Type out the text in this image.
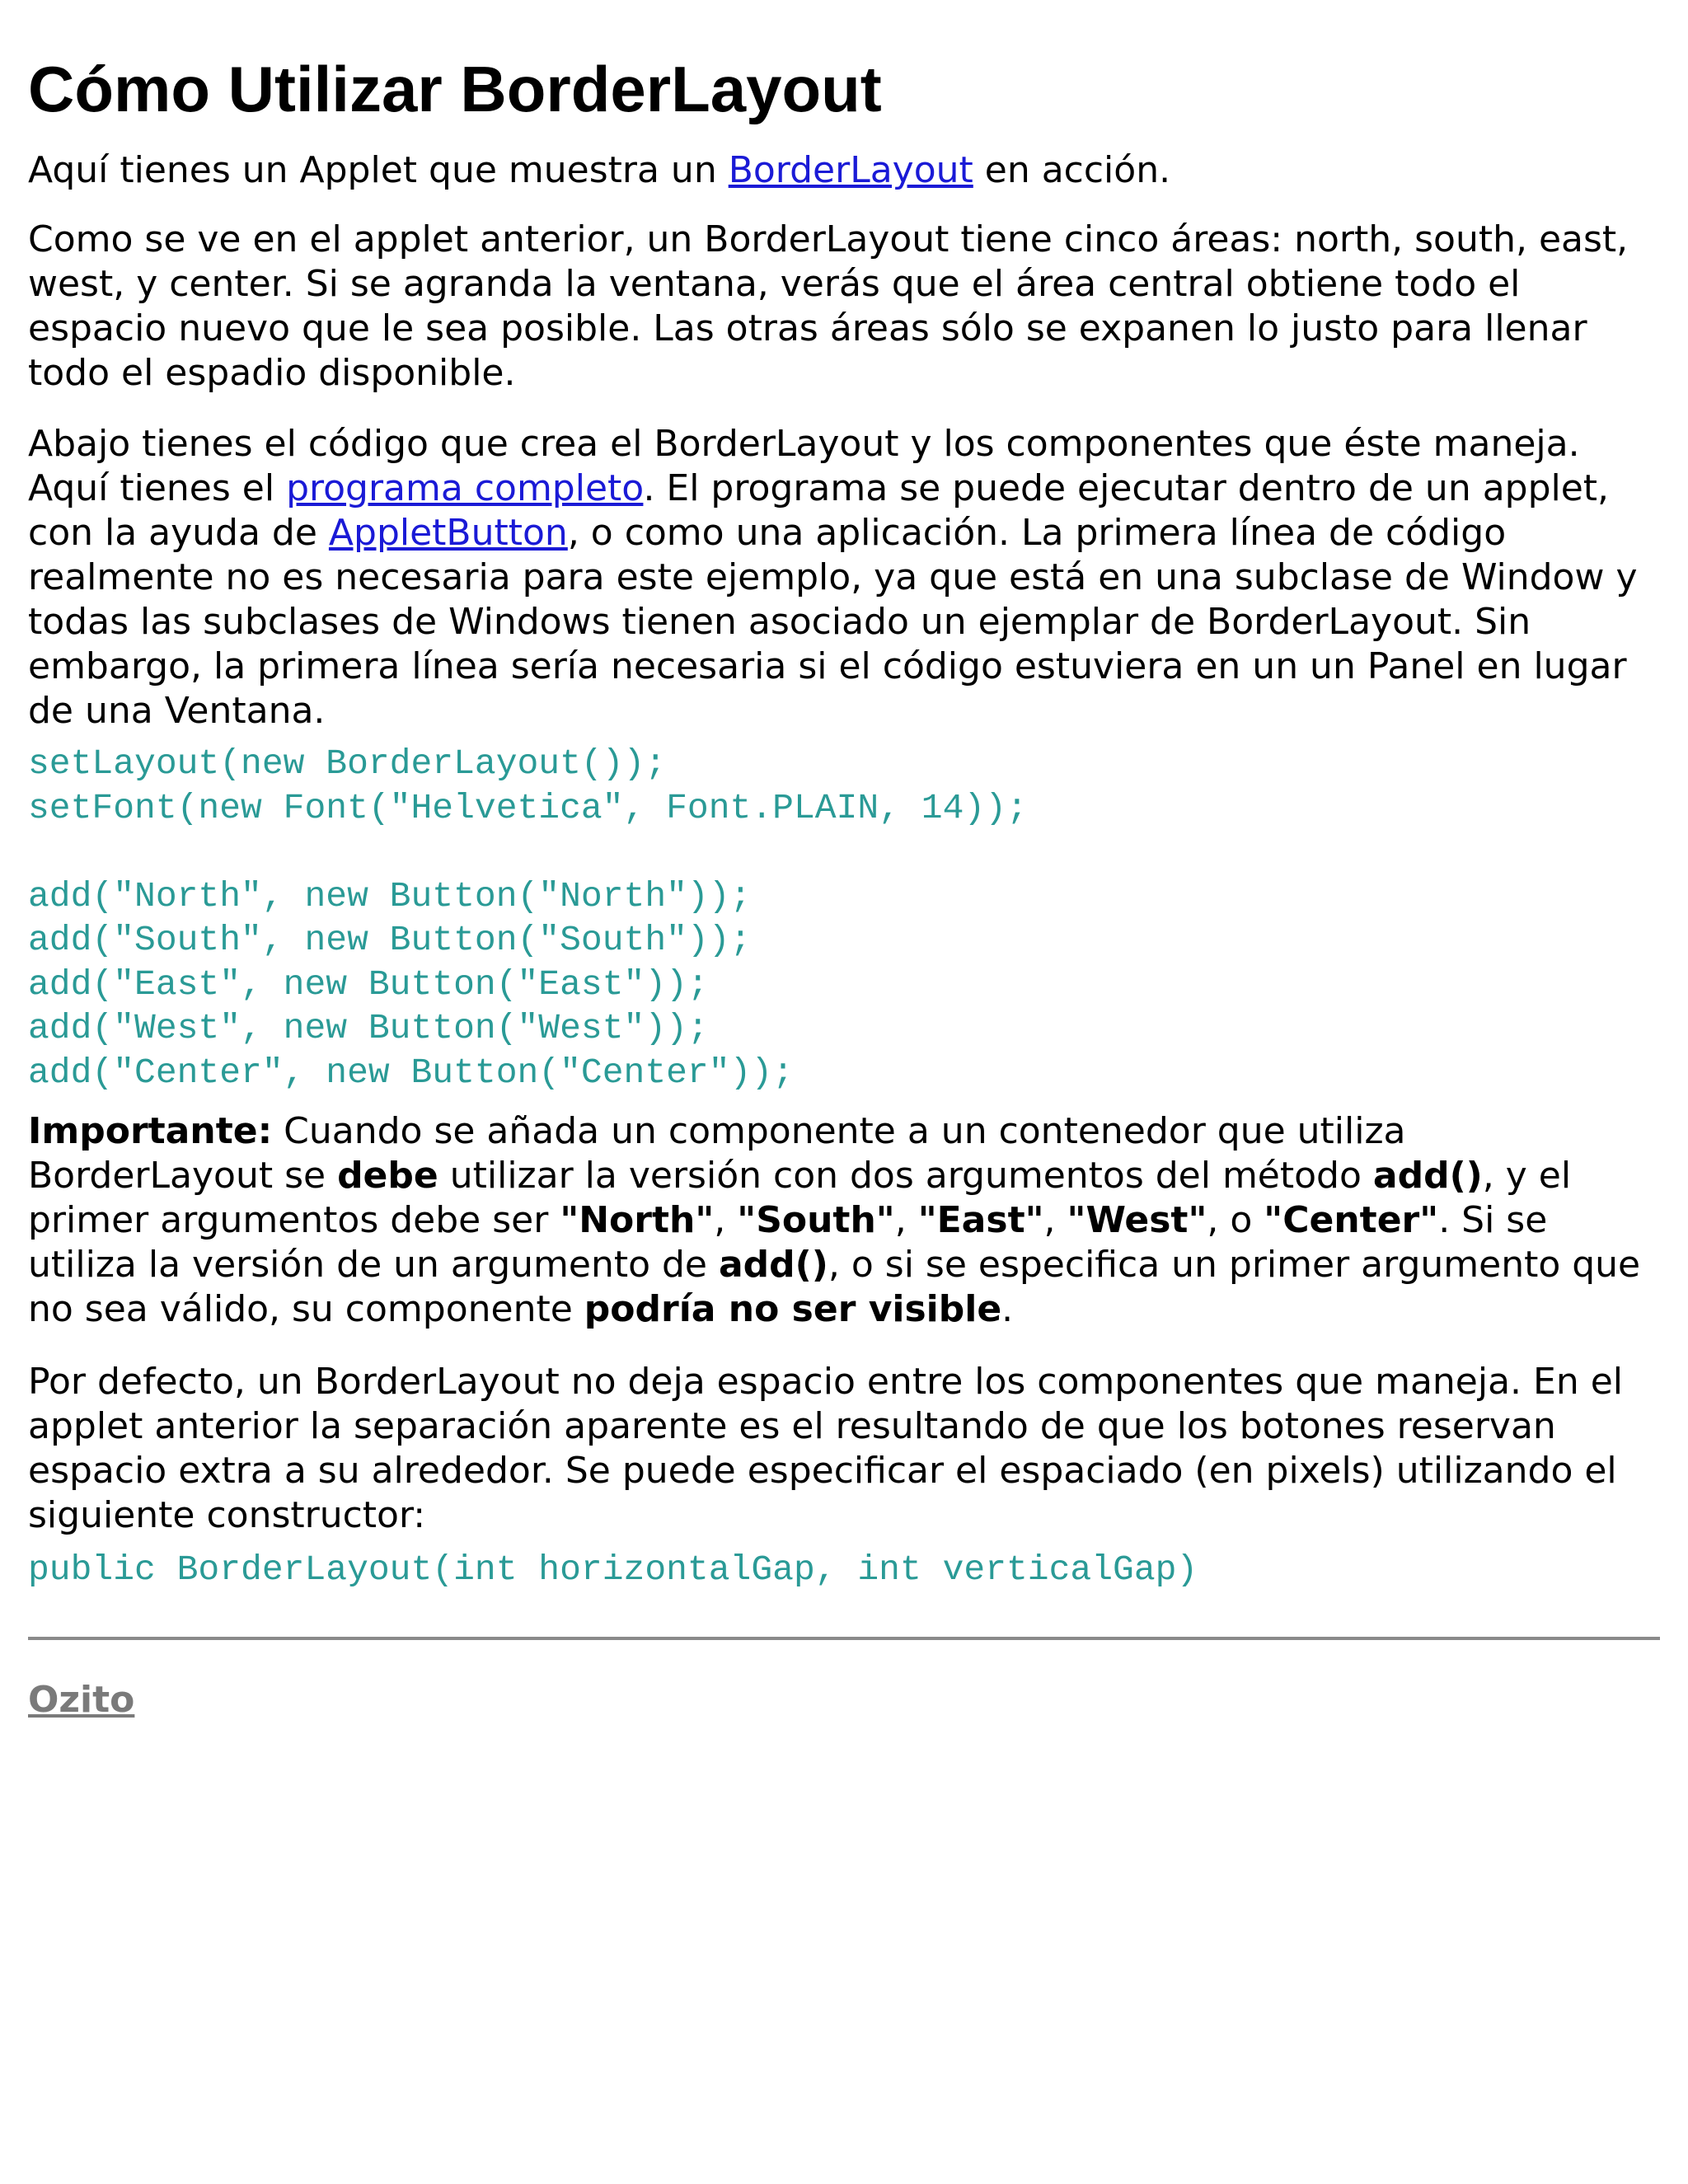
Cómo Utilizar BorderLayout

Aquí tienes un Applet que muestra un BorderLayout en acción.

Como se ve en el applet anterior, un BorderLayout tiene cinco áreas: north, south, east, west, y center. Si se agranda la ventana, verás que el área central obtiene todo el espacio nuevo que le sea posible. Las otras áreas sólo se expanen lo justo para llenar todo el espadio disponible.

Abajo tienes el código que crea el BorderLayout y los componentes que éste maneja. Aquí tienes el programa completo. El programa se puede ejecutar dentro de un applet, con la ayuda de AppletButton, o como una aplicación. La primera línea de código realmente no es necesaria para este ejemplo, ya que está en una subclase de Window y todas las subclases de Windows tienen asociado un ejemplar de BorderLayout. Sin embargo, la primera línea sería necesaria si el código estuviera en un un Panel en lugar de una Ventana.

setLayout(new BorderLayout());
setFont(new Font("Helvetica", Font.PLAIN, 14));

add("North", new Button("North"));
add("South", new Button("South"));
add("East", new Button("East"));
add("West", new Button("West"));
add("Center", new Button("Center"));

Importante: Cuando se añada un componente a un contenedor que utiliza BorderLayout se debe utilizar la versión con dos argumentos del método add(), y el primer argumentos debe ser "North", "South", "East", "West", o "Center". Si se utiliza la versión de un argumento de add(), o si se especifica un primer argumento que no sea válido, su componente podría no ser visible.

Por defecto, un BorderLayout no deja espacio entre los componentes que maneja. En el applet anterior la separación aparente es el resultando de que los botones reservan espacio extra a su alrededor. Se puede especificar el espaciado (en pixels) utilizando el siguiente constructor:

public BorderLayout(int horizontalGap, int verticalGap)
Ozito
